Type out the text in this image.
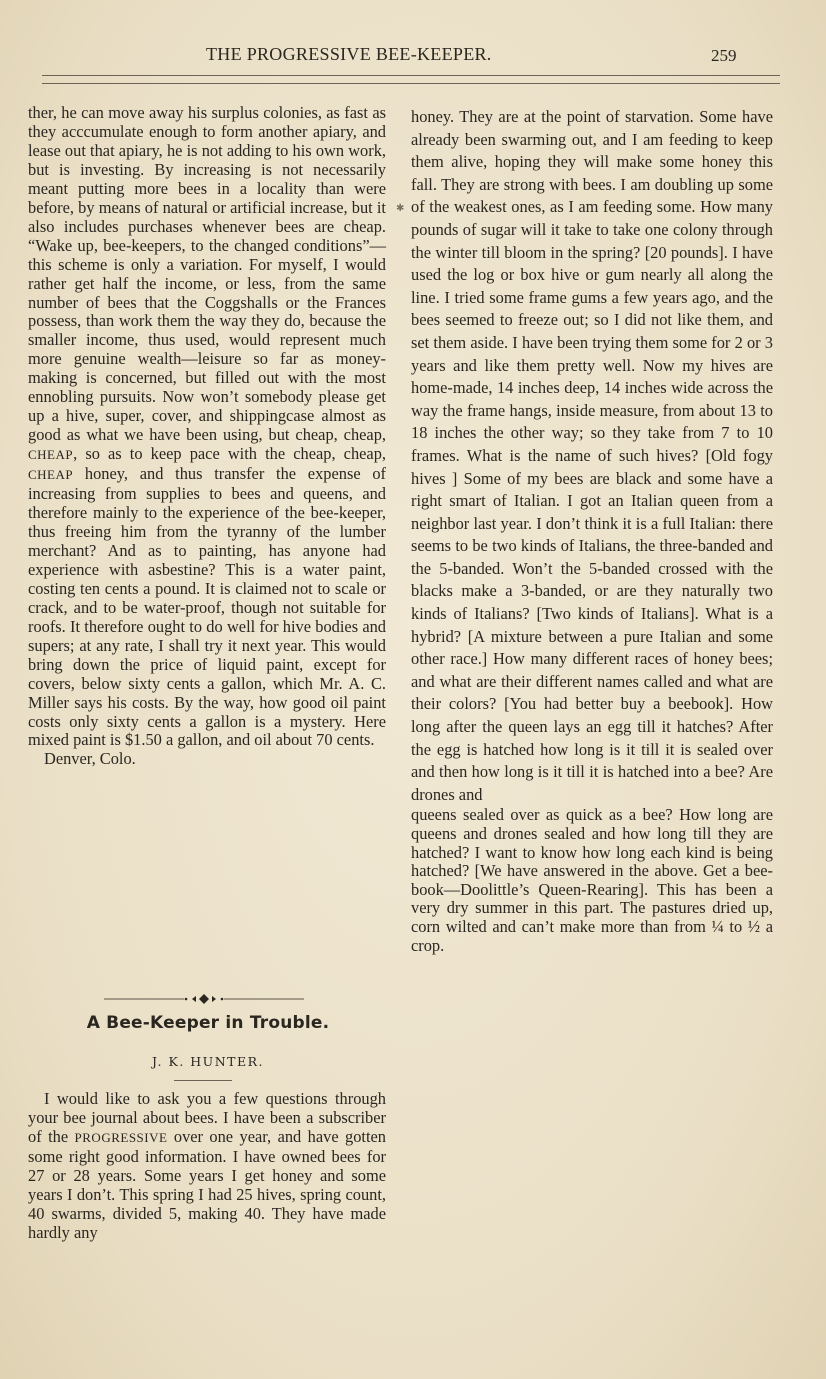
THE PROGRESSIVE BEE-KEEPER.	259

ther, he can move away his surplus colonies, as fast as they acccumulate enough to form another apiary, and lease out that apiary, he is not adding to his own work, but is investing. By increasing is not necessarily meant putting more bees in a locality than were before, by means of natural or artificial increase, but it also includes purchases whenever bees are cheap. “Wake up, bee-keepers, to the changed conditions”—this scheme is only a variation. For myself, I would rather get half the income, or less, from the same number of bees that the Coggshalls or the Frances possess, than work them the way they do, because the smaller income, thus used, would represent much more genuine wealth—leisure so far as money-making is concerned, but filled out with the most ennobling pursuits. Now won’t somebody please get up a hive, super, cover, and shippingcase almost as good as what we have been using, but cheap, cheap, CHEAP, so as to keep pace with the cheap, cheap, CHEAP honey, and thus transfer the expense of increasing from supplies to bees and queens, and therefore mainly to the experience of the bee-keeper, thus freeing him from the tyranny of the lumber merchant? And as to painting, has anyone had experience with asbestine? This is a water paint, costing ten cents a pound. It is claimed not to scale or crack, and to be water-proof, though not suitable for roofs. It therefore ought to do well for hive bodies and supers; at any rate, I shall try it next year. This would bring down the price of liquid paint, except for covers, below sixty cents a gallon, which Mr. A. C. Miller says his costs. By the way, how good oil paint costs only sixty cents a gallon is a mystery. Here mixed paint is $1.50 a gallon, and oil about 70 cents.

Denver, Colo.

A Bee-Keeper in Trouble.
J. K. HUNTER.

I would like to ask you a few questions through your bee journal about bees. I have been a subscriber of the PROGRESSIVE over one year, and have gotten some right good information. I have owned bees for 27 or 28 years. Some years I get honey and some years I don’t. This spring I had 25 hives, spring count, 40 swarms, divided 5, making 40. They have made hardly any

honey. They are at the point of starvation. Some have already been swarming out, and I am feeding to keep them alive, hoping they will make some honey this fall. They are strong with bees. I am doubling up some of the weakest ones, as I am feeding some. How many pounds of sugar will it take to take one colony through the winter till bloom in the spring? [20 pounds]. I have used the log or box hive or gum nearly all along the line. I tried some frame gums a few years ago, and the bees seemed to freeze out; so I did not like them, and set them aside. I have been trying them some for 2 or 3 years and like them pretty well. Now my hives are home-made, 14 inches deep, 14 inches wide across the way the frame hangs, inside measure, from about 13 to 18 inches the other way; so they take from 7 to 10 frames. What is the name of such hives? [Old fogy hives ] Some of my bees are black and some have a right smart of Italian. I got an Italian queen from a neighbor last year. I don’t think it is a full Italian: there seems to be two kinds of Italians, the three-banded and the 5-banded. Won’t the 5-banded crossed with the blacks make a 3-banded, or are they naturally two kinds of Italians? [Two kinds of Italians]. What is a hybrid? [A mixture between a pure Italian and some other race.] How many different races of honey bees; and what are their different names called and what are their colors? [You had better buy a beebook]. How long after the queen lays an egg till it hatches? After the egg is hatched how long is it till it is sealed over and then how long is it till it is hatched into a bee? Are drones and

queens sealed over as quick as a bee? How long are queens and drones sealed and how long till they are hatched? I want to know how long each kind is being hatched? [We have answered in the above. Get a bee-book—Doolittle’s Queen-Rearing]. This has been a very dry summer in this part. The pastures dried up, corn wilted and can’t make more than from ¼ to ½ a crop.

✱
